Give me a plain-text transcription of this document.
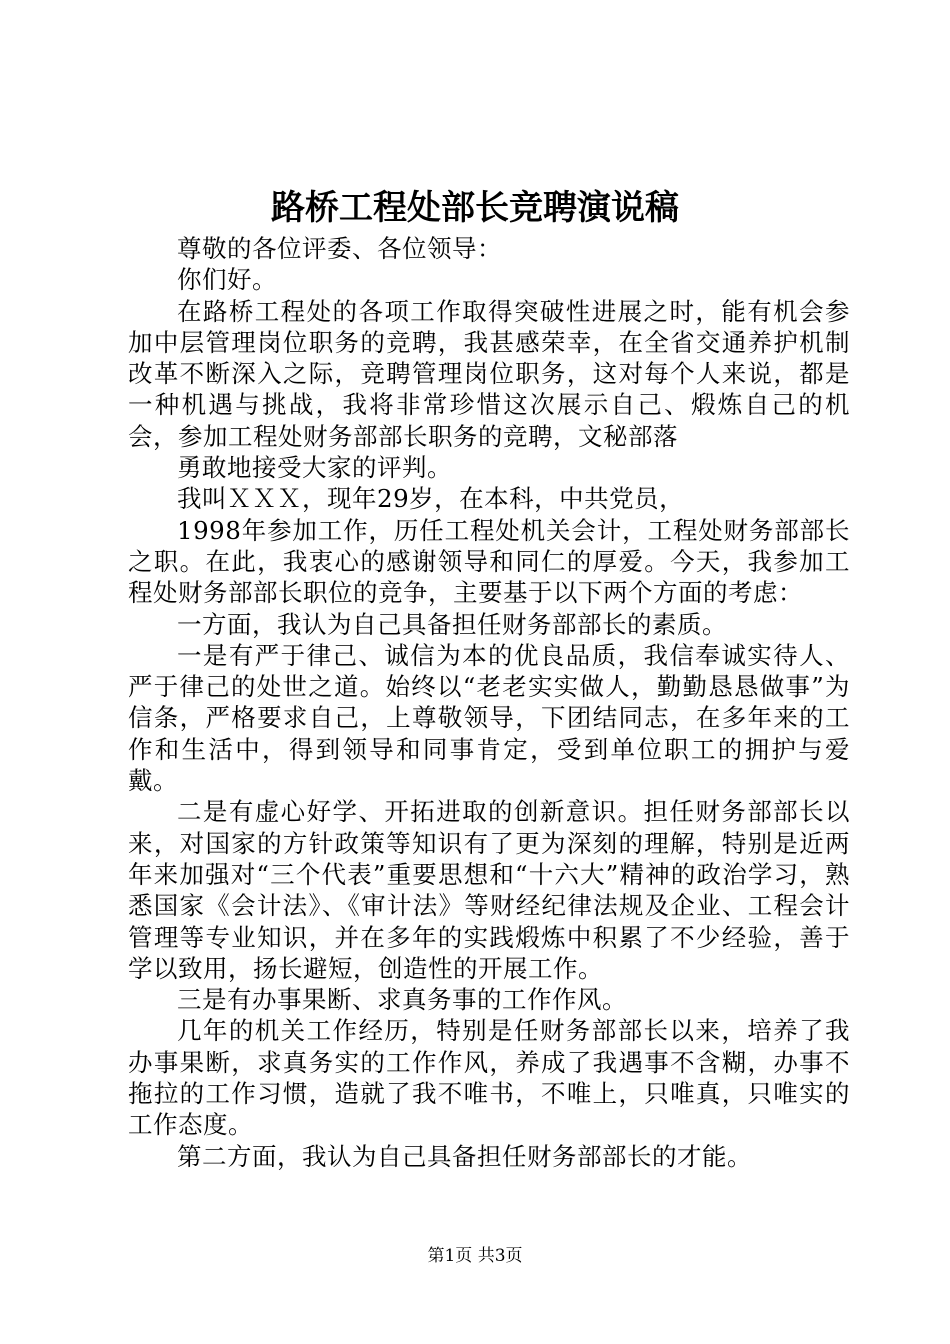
路桥工程处部长竞聘演说稿

尊敬的各位评委、各位领导：

你们好。

在路桥工程处的各项工作取得突破性进展之时，能有机会参加中层管理岗位职务的竞聘，我甚感荣幸，在全省交通养护机制改革不断深入之际，竞聘管理岗位职务，这对每个人来说，都是一种机遇与挑战，我将非常珍惜这次展示自己、煅炼自己的机会，参加工程处财务部部长职务的竞聘，文秘部落

勇敢地接受大家的评判。

我叫ＸＸＸ，现年29岁，在本科，中共党员，

1998年参加工作，历任工程处机关会计，工程处财务部部长之职。在此，我衷心的感谢领导和同仁的厚爱。今天，我参加工程处财务部部长职位的竞争，主要基于以下两个方面的考虑：

一方面，我认为自己具备担任财务部部长的素质。

一是有严于律己、诚信为本的优良品质，我信奉诚实待人、严于律己的处世之道。始终以“老老实实做人，勤勤恳恳做事”为信条，严格要求自己，上尊敬领导，下团结同志，在多年来的工作和生活中，得到领导和同事肯定，受到单位职工的拥护与爱戴。

二是有虚心好学、开拓进取的创新意识。担任财务部部长以来，对国家的方针政策等知识有了更为深刻的理解，特别是近两年来加强对“三个代表”重要思想和“十六大”精神的政治学习，熟悉国家《会计法》、《审计法》等财经纪律法规及企业、工程会计管理等专业知识，并在多年的实践煅炼中积累了不少经验，善于学以致用，扬长避短，创造性的开展工作。

三是有办事果断、求真务事的工作作风。

几年的机关工作经历，特别是任财务部部长以来，培养了我办事果断，求真务实的工作作风，养成了我遇事不含糊，办事不拖拉的工作习惯，造就了我不唯书，不唯上，只唯真，只唯实的工作态度。

第二方面，我认为自己具备担任财务部部长的才能。

第1页 共3页
